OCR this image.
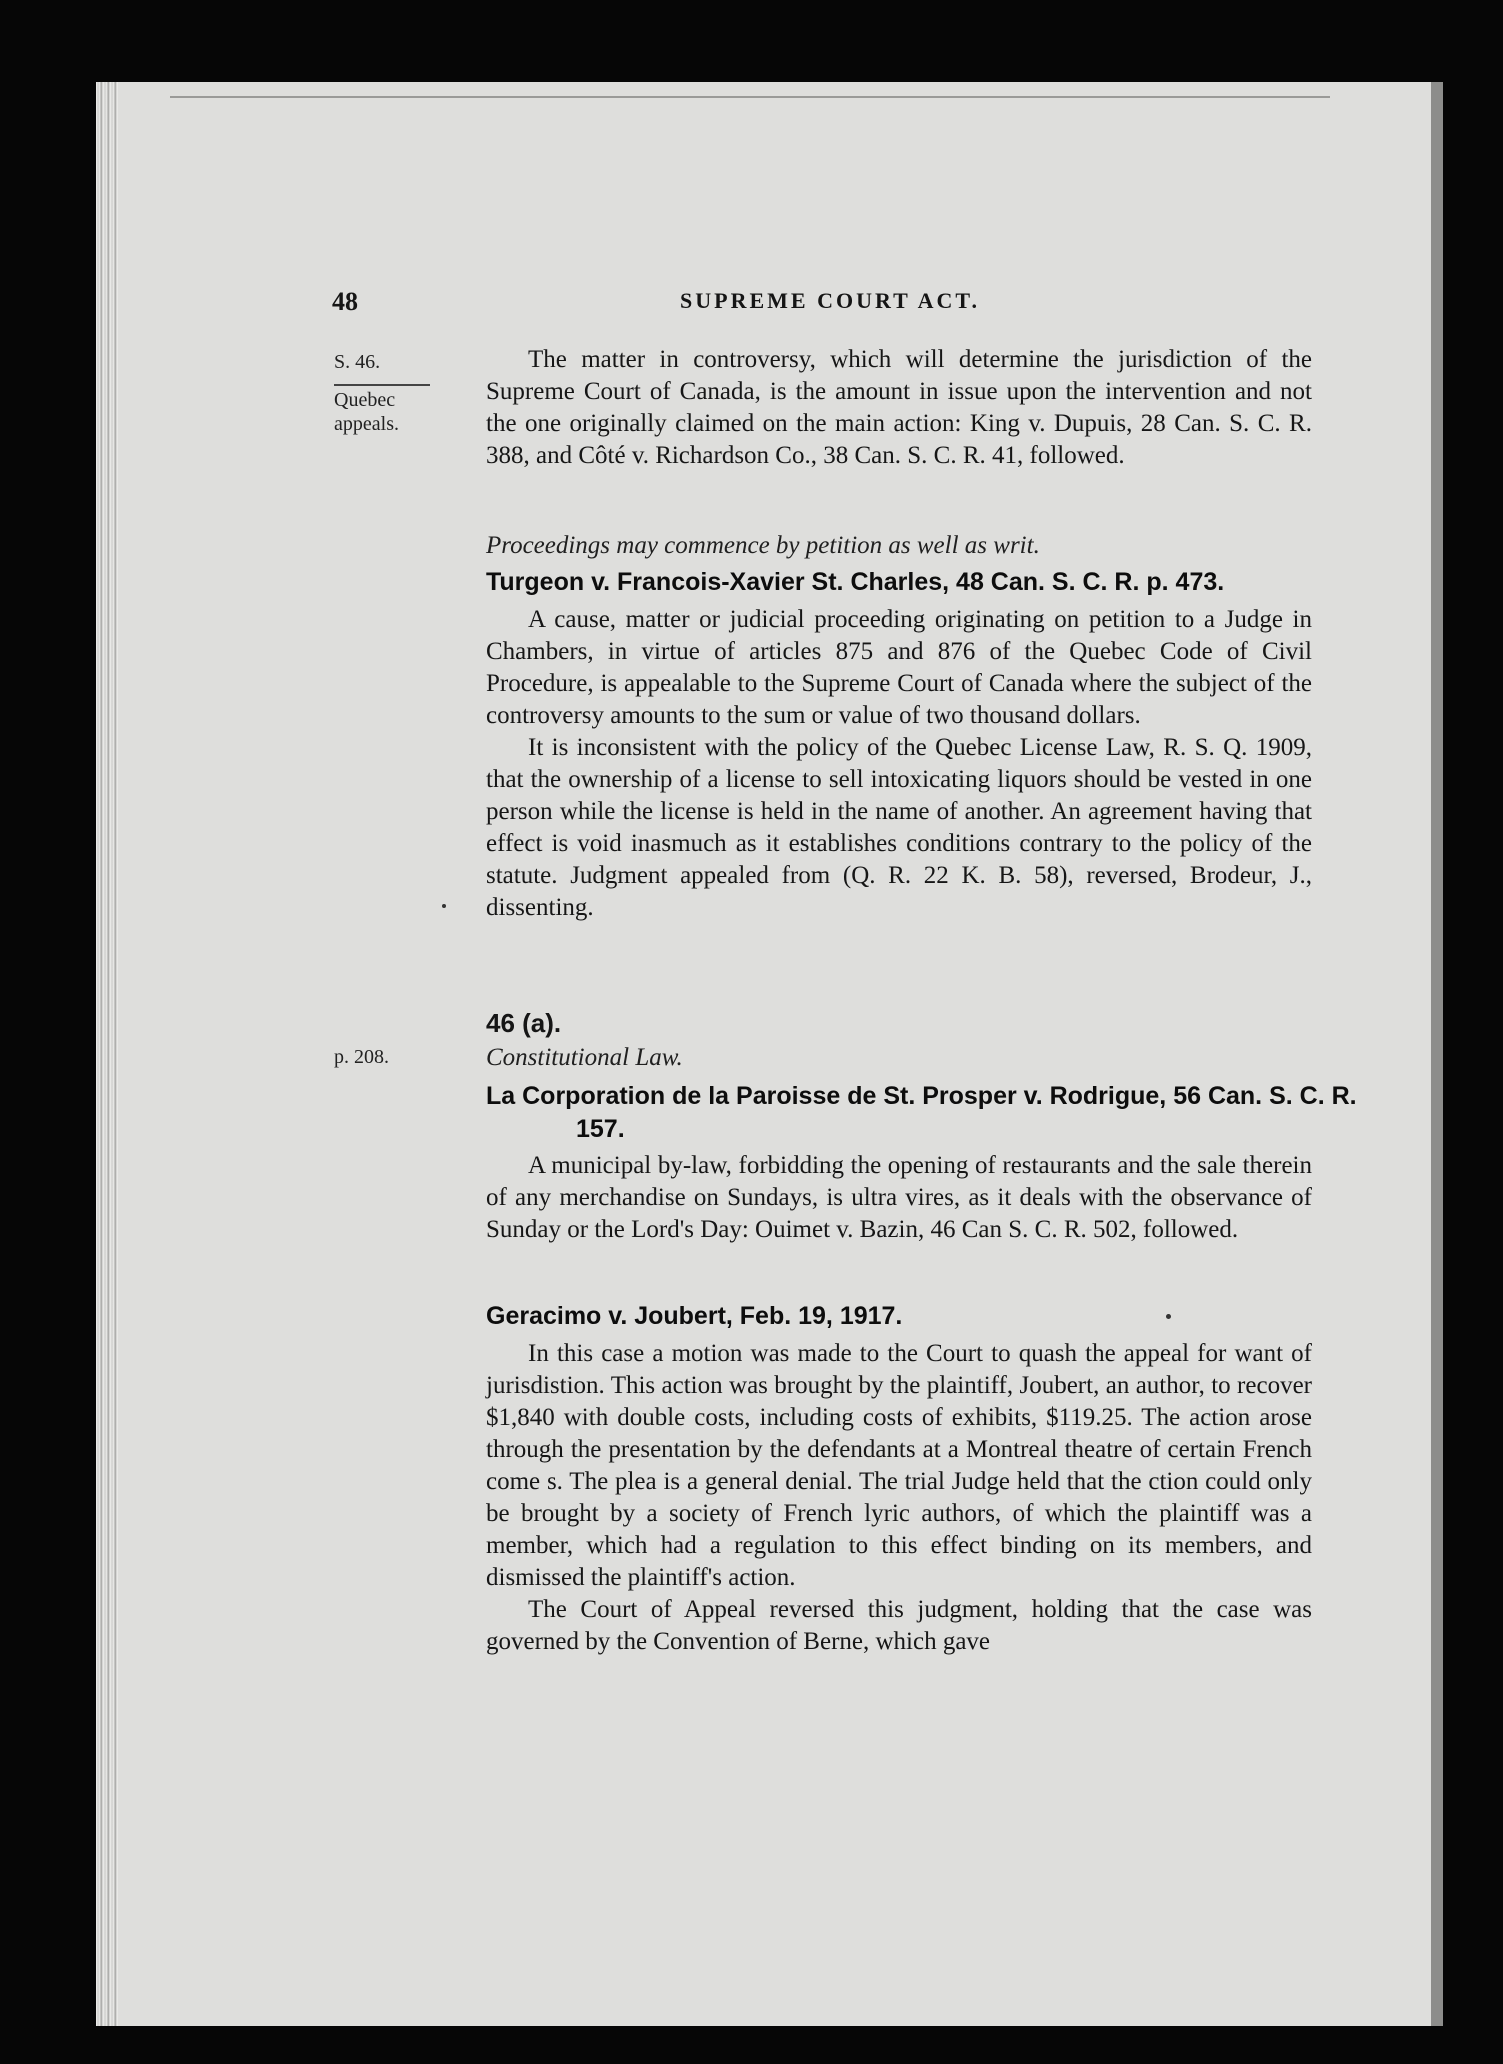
48	SUPREME COURT ACT.
S. 46.
Quebec
appeals.
p. 208.

The matter in controversy, which will determine the jurisdiction of the Supreme Court of Canada, is the amount in issue upon the intervention and not the one originally claimed on the main action: King v. Dupuis, 28 Can. S. C. R. 388, and Côté v. Richardson Co., 38 Can. S. C. R. 41, followed.

Proceedings may commence by petition as well as writ.
Turgeon v. Francois-Xavier St. Charles, 48 Can. S. C. R. p. 473.

A cause, matter or judicial proceeding originating on petition to a Judge in Chambers, in virtue of articles 875 and 876 of the Quebec Code of Civil Procedure, is appealable to the Supreme Court of Canada where the subject of the controversy amounts to the sum or value of two thousand dollars.

It is inconsistent with the policy of the Quebec License Law, R. S. Q. 1909, that the ownership of a license to sell intoxicating liquors should be vested in one person while the license is held in the name of another. An agreement having that effect is void inasmuch as it establishes conditions contrary to the policy of the statute. Judgment appealed from (Q. R. 22 K. B. 58), reversed, Brodeur, J., dissenting.

46 (a).
Constitutional Law.
La Corporation de la Paroisse de St. Prosper v. Rodrigue, 56 Can. S. C. R. 157.

A municipal by-law, forbidding the opening of restaurants and the sale therein of any merchandise on Sundays, is ultra vires, as it deals with the observance of Sunday or the Lord's Day: Ouimet v. Bazin, 46 Can S. C. R. 502, followed.

Geracimo v. Joubert, Feb. 19, 1917.

In this case a motion was made to the Court to quash the appeal for want of jurisdistion. This action was brought by the plaintiff, Joubert, an author, to recover $1,840 with double costs, including costs of exhibits, $119.25. The action arose through the presentation by the defendants at a Montreal theatre of certain French come s. The plea is a general denial. The trial Judge held that the ction could only be brought by a society of French lyric authors, of which the plaintiff was a member, which had a regulation to this effect binding on its members, and dismissed the plaintiff's action.

The Court of Appeal reversed this judgment, holding that the case was governed by the Convention of Berne, which gave
